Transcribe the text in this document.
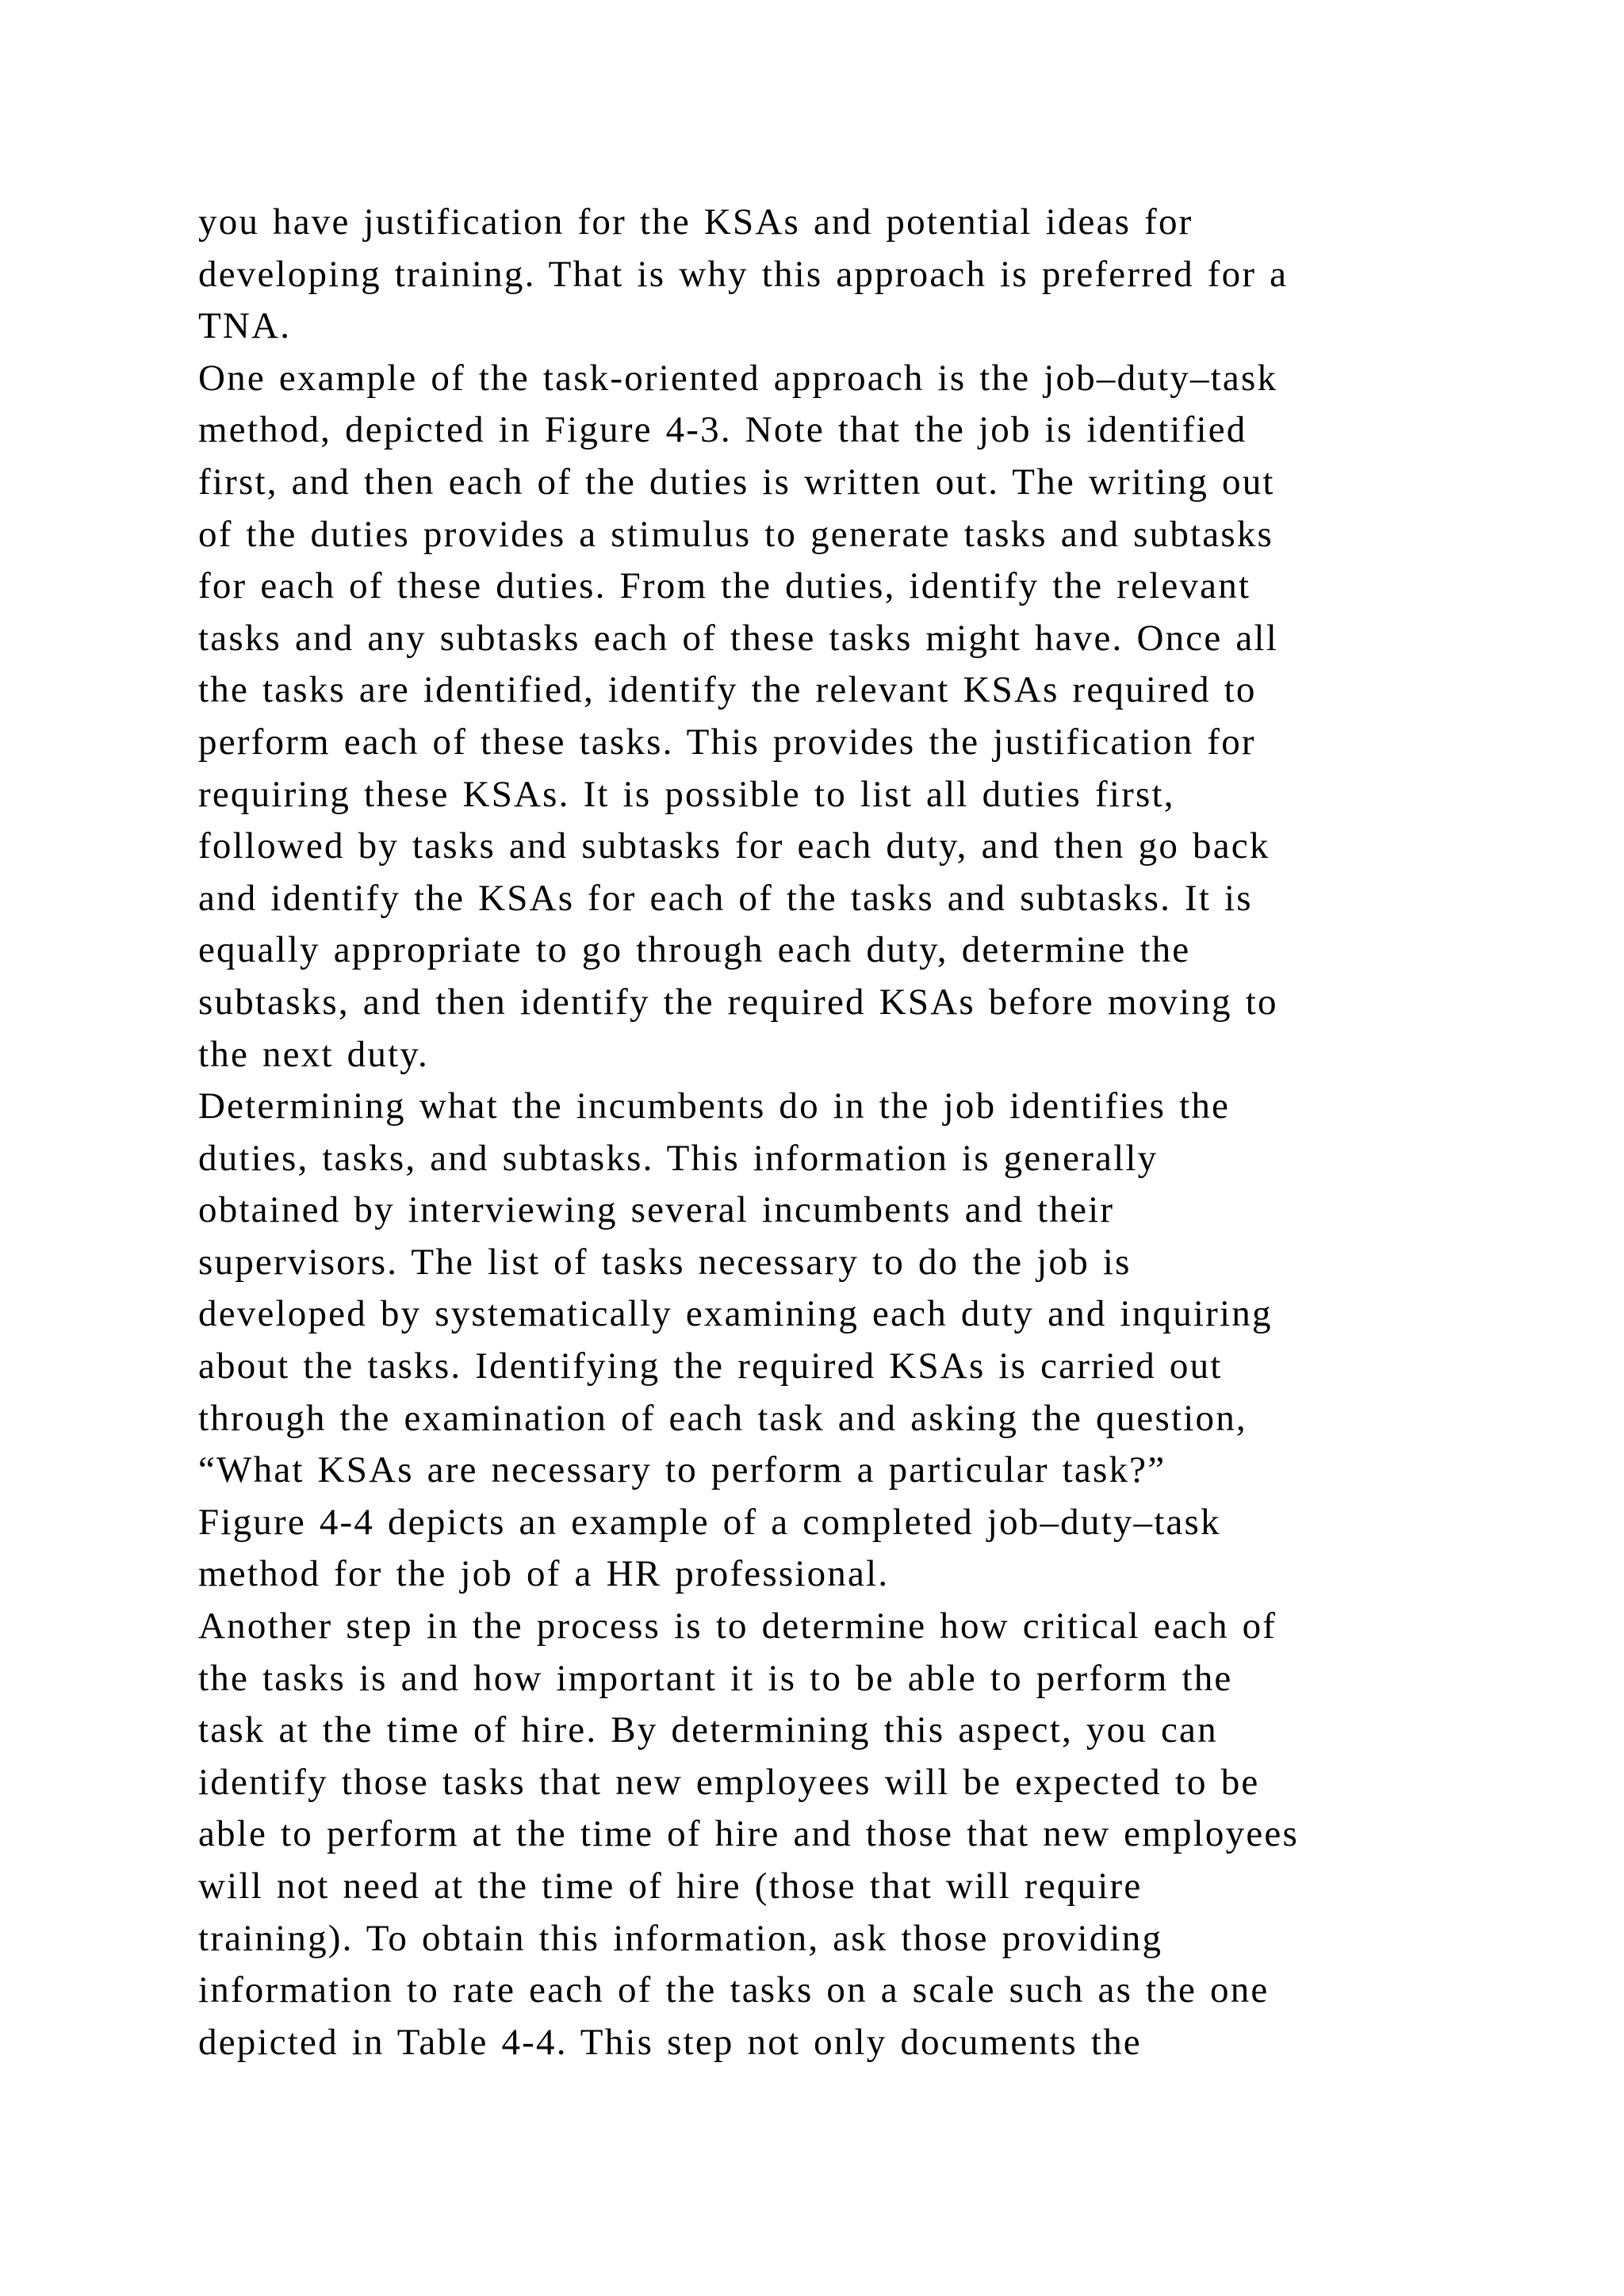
you have justification for the KSAs and potential ideas for
developing training. That is why this approach is preferred for a
TNA.
One example of the task-oriented approach is the job–duty–task
method, depicted in Figure 4-3. Note that the job is identified
first, and then each of the duties is written out. The writing out
of the duties provides a stimulus to generate tasks and subtasks
for each of these duties. From the duties, identify the relevant
tasks and any subtasks each of these tasks might have. Once all
the tasks are identified, identify the relevant KSAs required to
perform each of these tasks. This provides the justification for
requiring these KSAs. It is possible to list all duties first,
followed by tasks and subtasks for each duty, and then go back
and identify the KSAs for each of the tasks and subtasks. It is
equally appropriate to go through each duty, determine the
subtasks, and then identify the required KSAs before moving to
the next duty.
Determining what the incumbents do in the job identifies the
duties, tasks, and subtasks. This information is generally
obtained by interviewing several incumbents and their
supervisors. The list of tasks necessary to do the job is
developed by systematically examining each duty and inquiring
about the tasks. Identifying the required KSAs is carried out
through the examination of each task and asking the question,
“What KSAs are necessary to perform a particular task?”
Figure 4-4 depicts an example of a completed job–duty–task
method for the job of a HR professional.
Another step in the process is to determine how critical each of
the tasks is and how important it is to be able to perform the
task at the time of hire. By determining this aspect, you can
identify those tasks that new employees will be expected to be
able to perform at the time of hire and those that new employees
will not need at the time of hire (those that will require
training). To obtain this information, ask those providing
information to rate each of the tasks on a scale such as the one
depicted in Table 4-4. This step not only documents the
